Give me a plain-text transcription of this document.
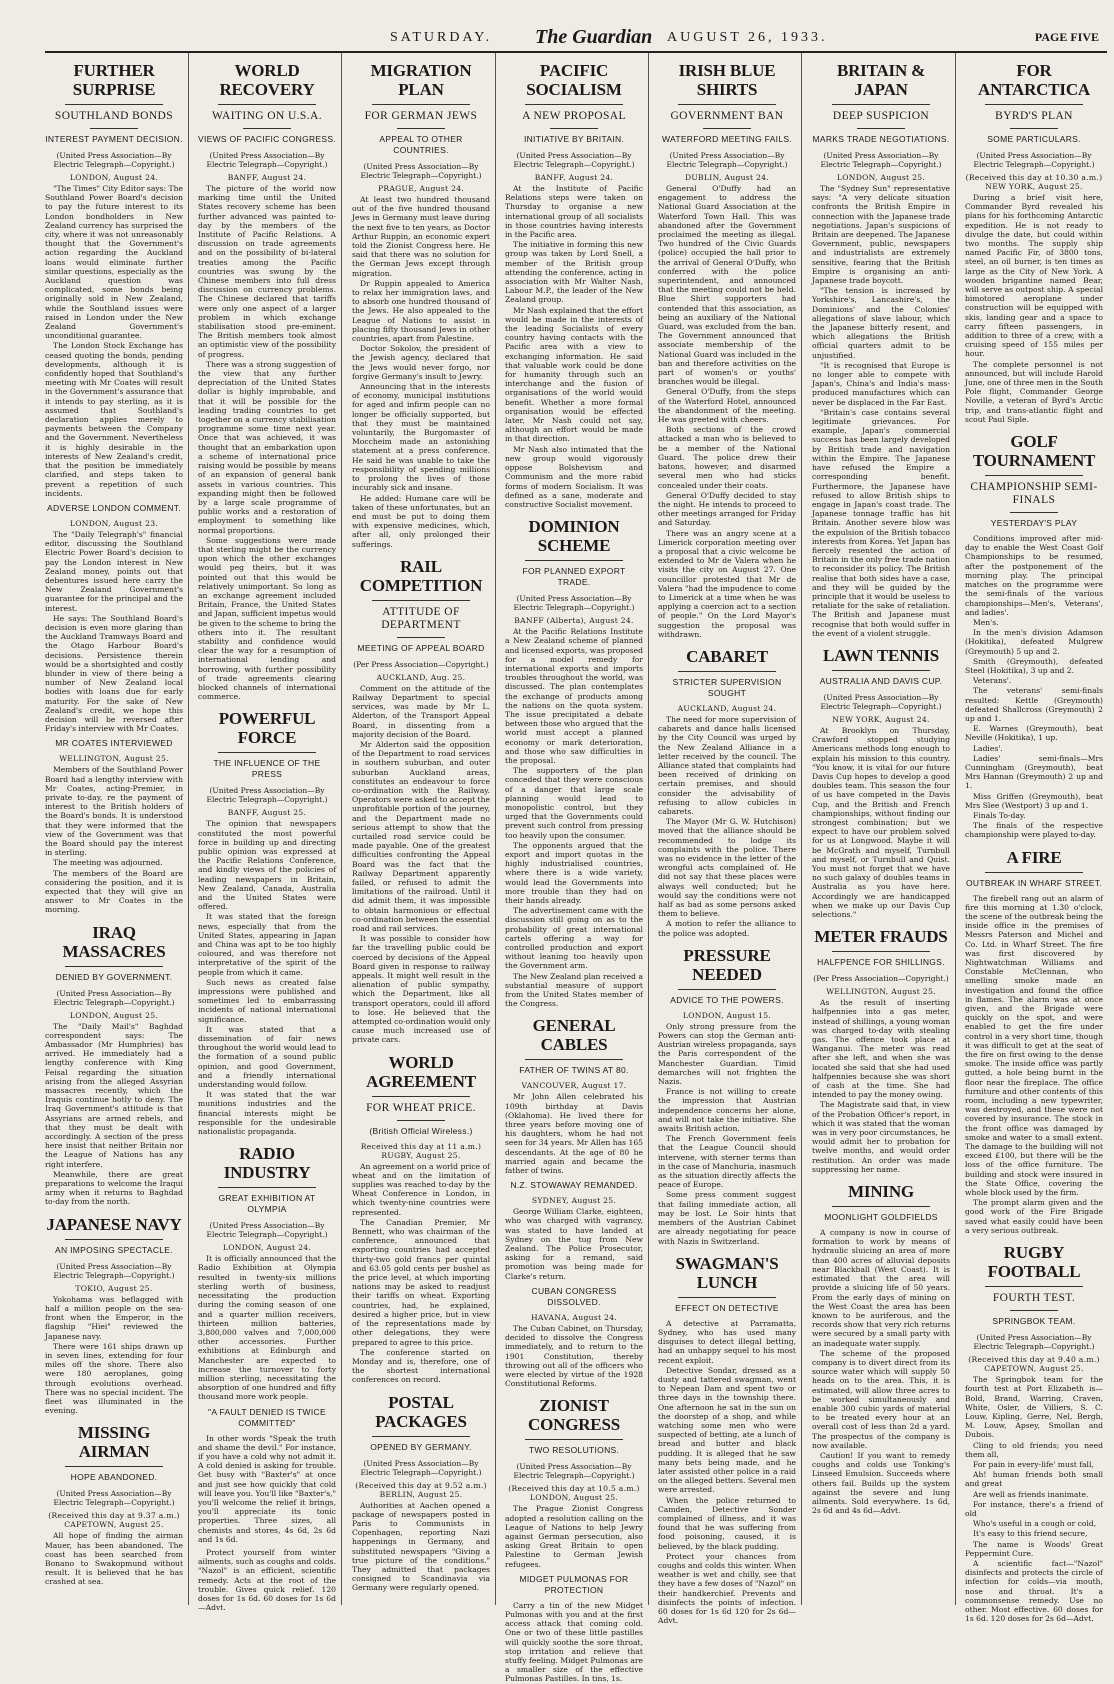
SATURDAY. The Guardian AUGUST 26, 1933.	PAGE FIVE
FURTHER SURPRISE
SOUTHLAND BONDS
INTEREST PAYMENT DECISION.
(United Press Association—By Electric Telegraph—Copyright.)
LONDON, August 24.

"The Times" City Editor says: The Southland Power Board's decision to pay the future interest to its London bondholders in New Zealand currency has surprised the city, where it was not unreasonably thought that the Government's action regarding the Auckland loans would eliminate further similar questions, especially as the Auckland question was complicated, some bonds being originally sold in New Zealand, while the Southland issues were raised in London under the New Zealand Government's unconditional guarantee.

The London Stock Exchange has ceased quoting the bonds, pending developments, although it is confidently hoped that Southland's meeting with Mr Coates will result in the Government's assurance that it intends to pay sterling, as it is assumed that Southland's declaration applies merely to payments between the Company and the Government. Nevertheless it is highly desirable in the interests of New Zealand's credit, that the position be immediately clarified, and steps taken to prevent a repetition of such incidents.

ADVERSE LONDON COMMENT.
LONDON, August 23.

The "Daily Telegraph's" financial editor, discussing the Southland Electric Power Board's decision to pay the London interest in New Zealand money, points out that debentures issued here carry the New Zealand Government's guarantee for the principal and the interest.

He says: The Southland Board's decision is even more glaring than the Auckland Tramways Board and the Otago Harbour Board's decisions. Persistence therein would be a shortsighted and costly blunder in view of there being a number of New Zealand local bodies with loans due for early maturity. For the sake of New Zealand's credit, we hope this decision will be reversed after Friday's interview with Mr Coates.

MR COATES INTERVIEWED
WELLINGTON, August 25.

Members of the Southland Power Board had a lengthy interview with Mr Coates, acting-Premier, in private to-day, re the payment of interest to the British holders of the Board's bonds. It is understood that they were informed that the view of the Government was that the Board should pay the interest in sterling.

The meeting was adjourned.

The members of the Board are considering the position, and it is expected that they will give an answer to Mr Coates in the morning.

IRAQ MASSACRES
DENIED BY GOVERNMENT.
(United Press Association—By Electric Telegraph—Copyright.)
LONDON, August 25.

The "Daily Mail's" Baghdad correspondent says: The Ambassador (Mr Humphries) has arrived. He immediately had a lengthy conference with King Feisal regarding the situation arising from the alleged Assyrian massacres recently, which the Iraquis continue hotly to deny. The Iraq Government's attitude is that Assyrians are armed rebels, and that they must be dealt with accordingly. A section of the press here insist that neither Britain nor the League of Nations has any right interfere.

Meanwhile, there are great preparations to welcome the Iraqui army when it returns to Baghdad to-day from the north.

JAPANESE NAVY
AN IMPOSING SPECTACLE.
(United Press Association—By Electric Telegraph—Copyright.)
TOKIO, August 25.

Yokohama was beflagged with half a million people on the sea-front when the Emperor, in the flagship "Hiei" reviewed the Japanese navy.

There were 161 ships drawn up in seven lines, extending for four miles off the shore. There also were 180 aeroplanes, going through evolutions overhead. There was no special incident. The fleet was illuminated in the evening.

MISSING AIRMAN
HOPE ABANDONED.
(United Press Association—By Electric Telegraph—Copyright.)
(Received this day at 9.37 a.m.) CAPETOWN, August 25.

All hope of finding the airman Mauer, has been abandoned. The coast has been searched from Bonano to Swakopmund without result. It is believed that he has crashed at sea.

WORLD RECOVERY
WAITING ON U.S.A.
VIEWS OF PACIFIC CONGRESS.
(United Press Association—By Electric Telegraph—Copyright.)
BANFF, August 24.

The picture of the world now marking time until the United States recovery scheme has been further advanced was painted to-day by the members of the Institute of Pacific Relations. A discussion on trade agreements and on the possibility of bi-lateral treaties among the Pacific countries was swung by the Chinese members into full dress discussion on currency problems. The Chinese declared that tariffs were only one aspect of a larger problem in which exchange stabilisation stood pre-eminent. The British members took almost an optimistic view of the possibility of progress.

There was a strong suggestion of the view that any further depreciation of the United States dollar is highly improbable, and that it will be possible for the leading trading countries to get together on a currency stabilisation programme some time next year. Once that was achieved, it was thought that an embarkation upon a scheme of international price raising would be possible by means of an expansion of general bank assets in various countries. This expanding might then be followed by a large scale programme of public works and a restoration of employment to something like normal proportions.

Some suggestions were made that sterling might be the currency upon which the other exchanges would peg theirs, but it was pointed out that this would be relatively unimportant. So long as an exchange agreement included Britain, France, the United States and Japan, sufficient impetus would be given to the scheme to bring the others into it. The resultant stability and confidence would clear the way for a resumption of international lending and borrowing, with further possibility of trade agreements clearing blocked channels of international commerce.

POWERFUL FORCE
THE INFLUENCE OF THE PRESS
(United Press Association—By Electric Telegraph—Copyright.)
BANFF, August 25.

The opinion that newspapers constituted the most powerful force in building up and directing public opinion was expressed at the Pacific Relations Conference, and kindly views of the policies of leading newspapers in Britain, New Zealand, Canada, Australia and the United States were offered.

It was stated that the foreign news, especially that from the United States, appearing in Japan and China was apt to be too highly coloured, and was therefore not interpretative of the spirit of the people from which it came.

Such news as created false impressions were published and sometimes led to embarrassing incidents of national international significance.

It was stated that a dissemination of fair news throughout the world would lead to the formation of a sound public opinion, and good Government, and a friendly international understanding would follow.

It was stated that the war munitions industries and the financial interests might be responsible for the undesirable nationalistic propaganda.

RADIO INDUSTRY
GREAT EXHIBITION AT OLYMPIA
(United Press Association—By Electric Telegraph—Copyright.)
LONDON, August 24.

It is officially announced that the Radio Exhibition at Olympia resulted in twenty-six millions sterling worth of business, necessitating the production during the coming season of one and a quarter million receivers, thirteen million batteries, 3,800,000 valves and 7,000,000 other accessories. Further exhibitions at Edinburgh and Manchester are expected to increase the turnover to forty million sterling, necessitating the absorption of one hundred and fifty thousand more work people.

"A FAULT DENIED IS TWICE COMMITTED"

In other words "Speak the truth and shame the devil." For instance, if you have a cold why not admit it. A cold denied is asking for trouble. Get busy with "Baxter's" at once and just see how quickly that cold will leave you. You'll like "Baxter's," you'll welcome the relief it brings, you'll appreciate its tonic properties. Three sizes, all chemists and stores, 4s 6d, 2s 6d and 1s 6d.

Protect yourself from winter ailments, such as coughs and colds. "Nazol" is an efficient, scientific remedy. Acts at the root of the trouble. Gives quick relief. 120 doses for 1s 6d. 60 doses for 1s 6d—Advt.

MIGRATION PLAN
FOR GERMAN JEWS
APPEAL TO OTHER COUNTRIES.
(United Press Association—By Electric Telegraph—Copyright.)
PRAGUE, August 24.

At least two hundred thousand out of the five hundred thousand Jews in Germany must leave during the next five to ten years, as Doctor Arthur Ruppin, an economic expert told the Zionist Congress here. He said that there was no solution for the German Jews except through migration.

Dr Ruppin appealed to America to relax her immigration laws, and to absorb one hundred thousand of the Jews. He also appealed to the League of Nations to assist in placing fifty thousand Jews in other countries, apart from Palestine.

Doctor Sokolov, the president of the Jewish agency, declared that the Jews would never forgo, nor forgive Germany's insult to Jewry.

Announcing that in the interests of economy, municipal institutions for aged and infirm people can no longer be officially supported, but that they must be maintained voluntarily, the Burgomaster of Moccheim made an astonishing statement at a press conference. He said he was unable to take the responsibility of spending millions to prolong the lives of those incurably sick and insane.

He added: Humane care will be taken of these unfortunates, but an end must be put to doing them with expensive medicines, which, after all, only prolonged their sufferings.

RAIL COMPETITION
ATTITUDE OF DEPARTMENT
MEETING OF APPEAL BOARD
(Per Press Association—Copyright.)
AUCKLAND, Aug. 25.

Comment on the attitude of the Railway Department to special services, was made by Mr L. Alderton, of the Transport Appeal Board, in dissenting from a majority decision of the Board.

Mr Alderton said the opposition of the Department to road services in southern suburban, and outer suburban Auckland areas, constitutes an endeavour to force co-ordination with the Railway. Operators were asked to accept the unprofitable portion of the journey, and the Department made no serious attempt to show that the curtailed road service could be made payable. One of the greatest difficulties confronting the Appeal Board was the fact that the Railway Department apparently failed, or refused to admit the limitations of the railroad. Until it did admit them, it was impossible to obtain harmonious or effectual co-ordination between the essential road and rail services.

It was possible to consider how far the travelling public could be coerced by decisions of the Appeal Board given in response to railway appeals. It might well result in the alienation of public sympathy, which the Department, like all transport operators, could ill afford to lose. He believed that the attempted co-ordination would only cause much increased use of private cars.

WORLD AGREEMENT
FOR WHEAT PRICE.
(British Official Wireless.)
Received this day at 11 a.m.) RUGBY, August 25.

An agreement on a world price of wheat and on the limitation of supplies was reached to-day by the Wheat Conference in London, in which twenty-nine countries were represented.

The Canadian Premier, Mr Bennett, who was chairman of the conference, announced that exporting countries had accepted thirty-two gold francs per quintal and 63.05 gold cents per bushel as the price level, at which importing nations may be asked to readjust their tariffs on wheat. Exporting countries, had, he explained, desired a higher price, but in view of the representations made by other delegations, they were prepared to agree to this price.

The conference started on Monday and is, therefore, one of the shortest international conferences on record.

POSTAL PACKAGES
OPENED BY GERMANY.
(United Press Association—By Electric Telegraph—Copyright.)
(Received this day at 9.52 a.m.) BERLIN, August 25.

Authorities at Aachen opened a package of newspapers posted in Paris to Communists in Copenhagen, reporting Nazi happenings in Germany, and substituted newspapers "Giving a true picture of the conditions." They admitted that packages consigned to Scandinavia via Germany were regularly opened.

PACIFIC SOCIALISM
A NEW PROPOSAL
INITIATIVE BY BRITAIN.
(United Press Association—By Electric Telegraph—Copyright.)
BANFF, August 24.

At the Institute of Pacific Relations steps were taken on Thursday to organise a new international group of all socialists in those countries having interests in the Pacific area.

The initiative in forming this new group was taken by Lord Snell, a member of the British group attending the conference, acting in association with Mr Walter Nash, Labour M.P., the leader of the New Zealand group.

Mr Nash explained that the effort would be made in the interests of the leading Socialists of every country having contacts with the Pacific area with a view to exchanging information. He said that valuable work could be done for humanity through such an interchange and the fusion of organisations of the world would benefit. Whether a more formal organisation would be effected later, Mr Nash could not say, although an effort would be made in that direction.

Mr Nash also intimated that the new group would vigorously oppose Bolshevism and Communism and the more rabid forms of modern Socialism. It was defined as a sane, moderate and constructive Socialist movement.

DOMINION SCHEME
FOR PLANNED EXPORT TRADE.
(United Press Association—By Electric Telegraph—Copyright.)
BANFF (Alberta), August 24.

At the Pacific Relations Institute a New Zealand scheme of planned and licensed exports, was proposed for a model remedy for international exports and imports troubles throughout the world, was discussed. The plan contemplates the exchange of products among the nations on the quota system. The issue precipitated a debate between those who argued that the world must accept a planned economy or mark deterioration, and those who saw difficulties in the proposal.

The supporters of the plan conceded that they were conscious of a danger that large scale planning would lead to monopolistic control, but they urged that the Governments could prevent such control from pressing too heavily upon the consumer.

The opponents argued that the export and import quotas in the highly industrialised countries, where there is a wide variety, would lead the Governments into more trouble than they had on their hands already.

The advertisement came with the discussion still going on as to the probability of great international cartels offering a way for controlled production and export without leaning too heavily upon the Government arm.

The New Zealand plan received a substantial measure of support from the United States member of the Congress.

GENERAL CABLES
FATHER OF TWINS AT 80.
VANCOUVER, August 17.

Mr John Allen celebrated his 109th birthday at Davis (Oklahoma). He lived there for three years before moving one of his daughters, whom he had not seen for 34 years. Mr Allen has 165 descendants. At the age of 80 he married again and became the father of twins.

N.Z. STOWAWAY REMANDED.
SYDNEY, August 25.

George William Clarke, eighteen, who was charged with vagrancy, was stated to have landed at Sydney on the tug from New Zealand. The Police Prosecutor, asking for a remand, said promotion was being made for Clarke's return.

CUBAN CONGRESS DISSOLVED.
HAVANA, August 24.

The Cuban Cabinet, on Thursday, decided to dissolve the Congress immediately, and to return to the 1901 Constitution, thereby throwing out all of the officers who were elected by virtue of the 1928 Constitutional Reforms.

ZIONIST CONGRESS
TWO RESOLUTIONS.
(United Press Association—By Electric Telegraph—Copyright.)
(Received this day at 10.5 a.m.) LONDON, August 25.

The Prague Zionist Congress adopted a resolution calling on the League of Nations to help Jewry against German persecution, also asking Great Britain to open Palestine to German Jewish refugees.

MIDGET PULMONAS FOR PROTECTION

Carry a tin of the new Midget Pulmonas with you and at the first access attack that coming cold. One or two of these little pastilles will quickly soothe the sore throat, stop irritation and relieve that stuffy feeling. Midget Pulmonas are a smaller size of the effective Pulmonas Pastilles. In tins, 1s.

IRISH BLUE SHIRTS
GOVERNMENT BAN
WATERFORD MEETING FAILS.
(United Press Association—By Electric Telegraph—Copyright.)
DUBLIN, August 24.

General O'Duffy had an engagement to address the National Guard Association at the Waterford Town Hall. This was abandoned after the Government proclaimed the meeting as illegal. Two hundred of the Civic Guards (police) occupied the hall prior to the arrival of General O'Duffy, who conferred with the police superintendent, and announced that the meeting could not be held. Blue Shirt supporters had contended that this association, as being an auxiliary of the National Guard, was excluded from the ban. The Government announced that associate membership of the National Guard was included in the ban and therefore activities on the part of women's or youths' branches would be illegal.

General O'Duffy, from the steps of the Waterford Hotel, announced the abandonment of the meeting. He was greeted with cheers.

Both sections of the crowd attacked a man who is believed to be a member of the National Guard. The police drew their batons, however, and disarmed several men who had sticks concealed under their coats.

General O'Duffy decided to stay the night. He intends to proceed to other meetings arranged for Friday and Saturday.

There was an angry scene at a Limerick corporation meeting over a proposal that a civic welcome be extended to Mr de Valera when he visits the city on August 27. One councillor protested that Mr de Valera "had the impudence to come to Limerick at a time when he was applying a coercion act to a section of people." On the Lord Mayor's suggestion the proposal was withdrawn.

CABARET
STRICTER SUPERVISION SOUGHT
AUCKLAND, August 24.

The need for more supervision of cabarets and dance halls licensed by the City Council was urged by the New Zealand Alliance in a letter received by the council. The Alliance stated that complaints had been received of drinking on certain premises, and should consider the advisability of refusing to allow cubicles in cabarets.

The Mayor (Mr G. W. Hutchison) moved that the alliance should be recommended to lodge its complaints with the police. There was no evidence in the letter of the wrongful acts complained of. He did not say that these places were always well conducted; but he would say the conditions were not half as bad as some persons asked them to believe.

A motion to refer the alliance to the police was adopted.

PRESSURE NEEDED
ADVICE TO THE POWERS.
LONDON, August 15.

Only strong pressure from the Powers can stop the German anti-Austrian wireless propaganda, says the Paris correspondent of the Manchester Guardian. Timid demarches will not frighten the Nazis.

France is not willing to create the impression that Austrian independence concerns her alone, and will not take the initiative. She awaits British action.

The French Government feels that the League Council should intervene, with sterner terms than in the case of Manchuria, inasmuch as the situation directly affects the peace of Europe.

Some press comment suggest that failing immediate action, all may be lost. Le Soir hints that members of the Austrian Cabinet are already negotiating for peace with Nazis in Switzerland.

SWAGMAN'S LUNCH
EFFECT ON DETECTIVE

A detective at Parramatta, Sydney, who has used many disguises to detect illegal betting, had an unhappy sequel to his most recent exploit.

Detective Sondar, dressed as a dusty and tattered swagman, went to Nepean Dam and spent two or three days in the township there. One afternoon he sat in the sun on the doorstep of a shop, and while watching some men who were suspected of betting, ate a lunch of bread and butter and black pudding. It is alleged that he saw many bets being made, and he later assisted other police in a raid on the alleged betters. Several men were arrested.

When the police returned to Camden, Detective Sonder complained of illness, and it was found that he was suffering from food poisoning, caused, it is believed, by the black pudding.

Protect your chances from coughs and colds this winter. When weather is wet and chilly, see that they have a few doses of "Nazol" on their handkerchief. Prevents and disinfects the points of infection. 60 doses for 1s 6d 120 for 2s 6d—Advt.

BRITAIN & JAPAN
DEEP SUSPICION
MARKS TRADE NEGOTIATIONS.
(United Press Association—By Electric Telegraph—Copyright.)
LONDON, August 25.

The "Sydney Sun" representative says: "A very delicate situation confronts the British Empire in connection with the Japanese trade negotiations. Japan's suspicions of Britain are deepened. The Japanese Government, public, newspapers and industrialists are extremely sensitive, fearing that the British Empire is organising an anti-Japanese trade boycott.

"The tension is increased by Yorkshire's, Lancashire's, the Dominions' and the Colonies' allegations of slave labour, which the Japanese bitterly resent, and which allegations the British official quarters admit to be unjustified.

"It is recognised that Europe is no longer able to compete with Japan's, China's and India's mass-produced manufactures which can never be displaced in the Far East.

"Britain's case contains several legitimate grievances. For example, Japan's commercial success has been largely developed by British trade and navigation within the Empire. The Japanese have refused the Empire a corresponding benefit. Furthermore, the Japanese have refused to allow British ships to engage in Japan's coast trade. The Japanese tonnage traffic has hit Britain. Another severe blow was the expulsion of the British tobacco interests from Korea. Yet Japan has fiercely resented the action of Britain in the only free trade nation to reconsider its policy. The British realise that both sides have a case, and they will be guided by the principle that it would be useless to retaliate for the sake of retaliation. The British and Japanese must recognise that both would suffer in the event of a violent struggle.

LAWN TENNIS
AUSTRALIA AND DAVIS CUP.
(United Press Association—By Electric Telegraph—Copyright.)
NEW YORK, August 24.

At Brooklyn on Thursday, Crawford stopped studying Americans methods long enough to explain his mission to this country. "You know, it is vital for our future Davis Cup hopes to develop a good doubles team. This season the four of us have competed in the Davis Cup, and the British and French championships, without finding our strongest combination; but we expect to have our problem solved for us at Longwood. Maybe it will be McGrath and myself, Turnbull and myself, or Turnbull and Quist. You must not forget that we have no such galaxy of doubles teams in Australia as you have here. Accordingly we are handicapped when we make up our Davis Cup selections."

METER FRAUDS
HALFPENCE FOR SHILLINGS.
(Per Press Association—Copyright.)
WELLINGTON, August 25.

As the result of inserting halfpennies into a gas meter, instead of shillings, a young woman was charged to-day with stealing gas. The offence took place at Wanganui. The meter was read after she left, and when she was located she said that she had used halfpennies because she was short of cash at the time. She had intended to pay the money owing.

The Magistrate said that, in view of the Probation Officer's report, in which it was stated that the woman was in very poor circumstances, he would admit her to probation for twelve months, and would order restitution. An order was made suppressing her name.

MINING
MOONLIGHT GOLDFIELDS

A company is now in course of formation to work by means of hydraulic sluicing an area of more than 400 acres of alluvial deposits near Blackball (West Coast). It is estimated that the area will provide a sluicing life of 50 years. From the early days of mining on the West Coast the area has been known to be auriferous, and the records show that very rich returns were secured by a small party with an inadequate water supply.

The scheme of the proposed company is to divert direct from its source water which will supply 50 heads on to the area. This, it is estimated, will allow three acres to be worked simultaneously and enable 300 cubic yards of material to be treated every hour at an overall cost of less than 2d a yard. The prospectus of the company is now available.

Caution! If you want to remedy coughs and colds use Tonking's Linseed Emulsion. Succeeds where others fail. Builds up the system against the severe and lung ailments. Sold everywhere. 1s 6d, 2s 6d and 4s 6d—Advt.

FOR ANTARCTICA
BYRD'S PLAN
SOME PARTICULARS.
(United Press Association—By Electric Telegraph—Copyright.)
(Received this day at 10.30 a.m.) NEW YORK, August 25.

During a brief visit here, Commander Byrd revealed his plans for his forthcoming Antarctic expedition. He is not ready to divulge the date, but could within two months. The supply ship named Pacific Fir, of 3800 tons, steel, an oil burner, is ten times as large as the City of New York. A wooden brigantine named Bear, will serve as outpost ship. A special bimotored aeroplane under construction will be equipped with skis, landing gear and a space to carry fifteen passengers, in addition to three of a crew, with a cruising speed of 155 miles per hour.

The complete personnel is not announced, but will include Harold June, one of three men in the South Pole flight, Commander George Noville, a veteran of Byrd's Arctic trip, and trans-atlantic flight and scout Paul Siple.

GOLF TOURNAMENT
CHAMPIONSHIP SEMI-FINALS
YESTERDAY'S PLAY

Conditions improved after mid-day to enable the West Coast Golf Championships to be resumed, after the postponement of the morning play. The principal matches on the programme were the semi-finals of the various championships—Men's, Veterans', and ladies'.

Men's.

In the men's division Adamson (Hokitika), defeated Mulgrew (Greymouth) 5 up and 2.

Smith (Greymouth), defeated Steel (Hokitika), 3 up and 2.

Veterans'.

The veterans' semi-finals resulted: Kettle (Greymouth) defeated Shallcross (Greymouth) 2 up and 1.

E. Warnes (Greymouth), beat Neville (Hokitika), 1 up.

Ladies'.

Ladies' semi-finals—Mrs Cunningham (Greymouth), beat Mrs Hannan (Greymouth) 2 up and 1.

Miss Griffen (Greymouth), beat Mrs Slee (Westport) 3 up and 1.

Finals To-day.

The finals of the respective championship were played to-day.

A FIRE
OUTBREAK IN WHARF STREET.

The firebell rang out an alarm of fire this morning at 1.30 o'clock, the scene of the outbreak being the inside office in the premises of Messrs Paterson and Michel and Co. Ltd. in Wharf Street. The fire was first discovered by Nightwatchman Williams and Constable McClennan, who smelling smoke made an investigation and found the office in flames. The alarm was at once given, and the Brigade were quickly on the spot, and were enabled to get the fire under control in a very short time, though it was difficult to get at the seat of the fire on first owing to the dense smoke. The inside office was partly gutted, a hole being burnt in the floor near the fireplace. The office furniture and other contents of this room, including a new typewriter, was destroyed, and these were not covered by insurance. The stock in the front office was damaged by smoke and water to a small extent. The damage to the building will not exceed £100, but there will be the loss of the office furniture. The building and stock were insured in the State Office, covering the whole block used by the firm.

The prompt alarm given and the good work of the Fire Brigade saved what easily could have been a very serious outbreak.

RUGBY FOOTBALL
FOURTH TEST.
SPRINGBOK TEAM.
(United Press Association—By Electric Telegraph—Copyright.)
(Received this day at 9.40 a.m.) CAPETOWN, August 25.

The Springbok team for the fourth test at Port Elizabeth is—Bold, Brand, Warring, Craven, White, Osler, de Villiers, S. C. Louw, Kipling, Gerre, Nel, Bergh, M. Louw, Apsey, Smollan and Dubois.

Cling to old friends; you need them all,

For pain in every-life' must fall,

Ah! human friends both small and great

Are well as friends inanimate.

For instance, there's a friend of old

Who's useful in a cough or cold,

It's easy to this friend secure,

The name is Woods' Great Peppermint Cure.

A scientific fact—"Nazol" disinfects and protects the circle of infection for colds—via mouth, nose and throat. It's a commonsense remedy. Use no other. Most effective. 60 doses for 1s 6d. 120 doses for 2s 6d—Advt.
